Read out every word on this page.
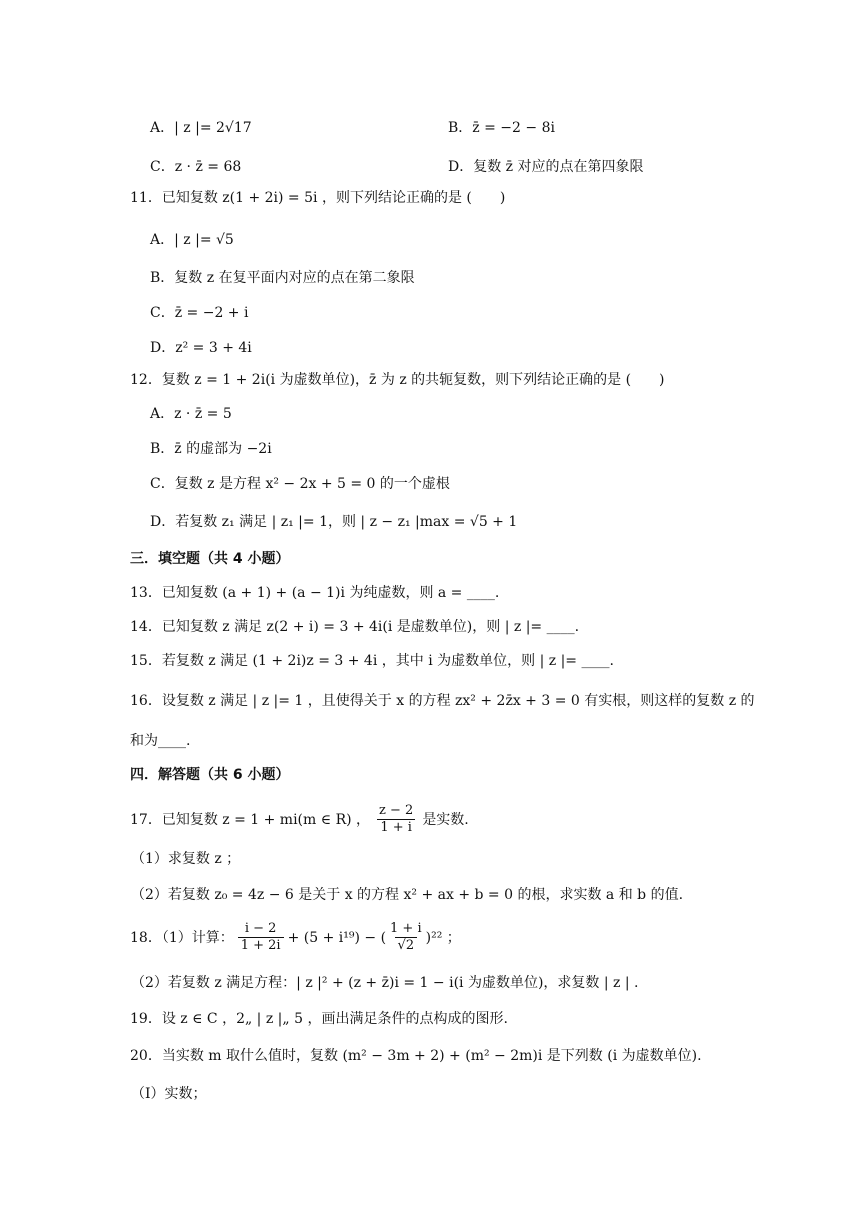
A．| z |= 2√17	B．z̄ = −2 − 8i
C．z · z̄ = 68	D．复数 z̄ 对应的点在第四象限
11．已知复数 z(1 + 2i) = 5i ，则下列结论正确的是 (　　)
A．| z |= √5
B．复数 z 在复平面内对应的点在第二象限
C．z̄ = −2 + i
D．z² = 3 + 4i
12．复数 z = 1 + 2i(i 为虚数单位)，z̄ 为 z 的共轭复数，则下列结论正确的是 (　　)
A．z · z̄ = 5
B．z̄ 的虚部为 −2i
C．复数 z 是方程 x² − 2x + 5 = 0 的一个虚根
D．若复数 z₁ 满足 | z₁ |= 1，则 | z − z₁ |max = √5 + 1
三．填空题（共 4 小题）
13．已知复数 (a + 1) + (a − 1)i 为纯虚数，则 a = ____.
14．已知复数 z 满足 z(2 + i) = 3 + 4i(i 是虚数单位)，则 | z |= ____.
15．若复数 z 满足 (1 + 2i)z = 3 + 4i ，其中 i 为虚数单位，则 | z |= ____.
16．设复数 z 满足 | z |= 1 ，且使得关于 x 的方程 zx² + 2z̄x + 3 = 0 有实根，则这样的复数 z 的
和为____.
四．解答题（共 6 小题）
17．已知复数 z = 1 + mi(m ∈ R) ， $\frac{z - 2}{1 + i}$ 是实数.
（1）求复数 z ；
（2）若复数 z₀ = 4z − 6 是关于 x 的方程 x² + ax + b = 0 的根，求实数 a 和 b 的值.
18．（1）计算： $\frac{i - 2}{1 + 2i} + (5 + i^{19})$ − ( $\frac{1 + i}{√2} )^{22}$ ；
（2）若复数 z 满足方程：| z |² + (z + z̄)i = 1 − i(i 为虚数单位)，求复数 | z | .
19．设 z ∈ C ，2„ | z |„ 5 ，画出满足条件的点构成的图形.
20．当实数 m 取什么值时，复数 (m² − 3m + 2) + (m² − 2m)i 是下列数 (i 为虚数单位).
（Ⅰ）实数；
